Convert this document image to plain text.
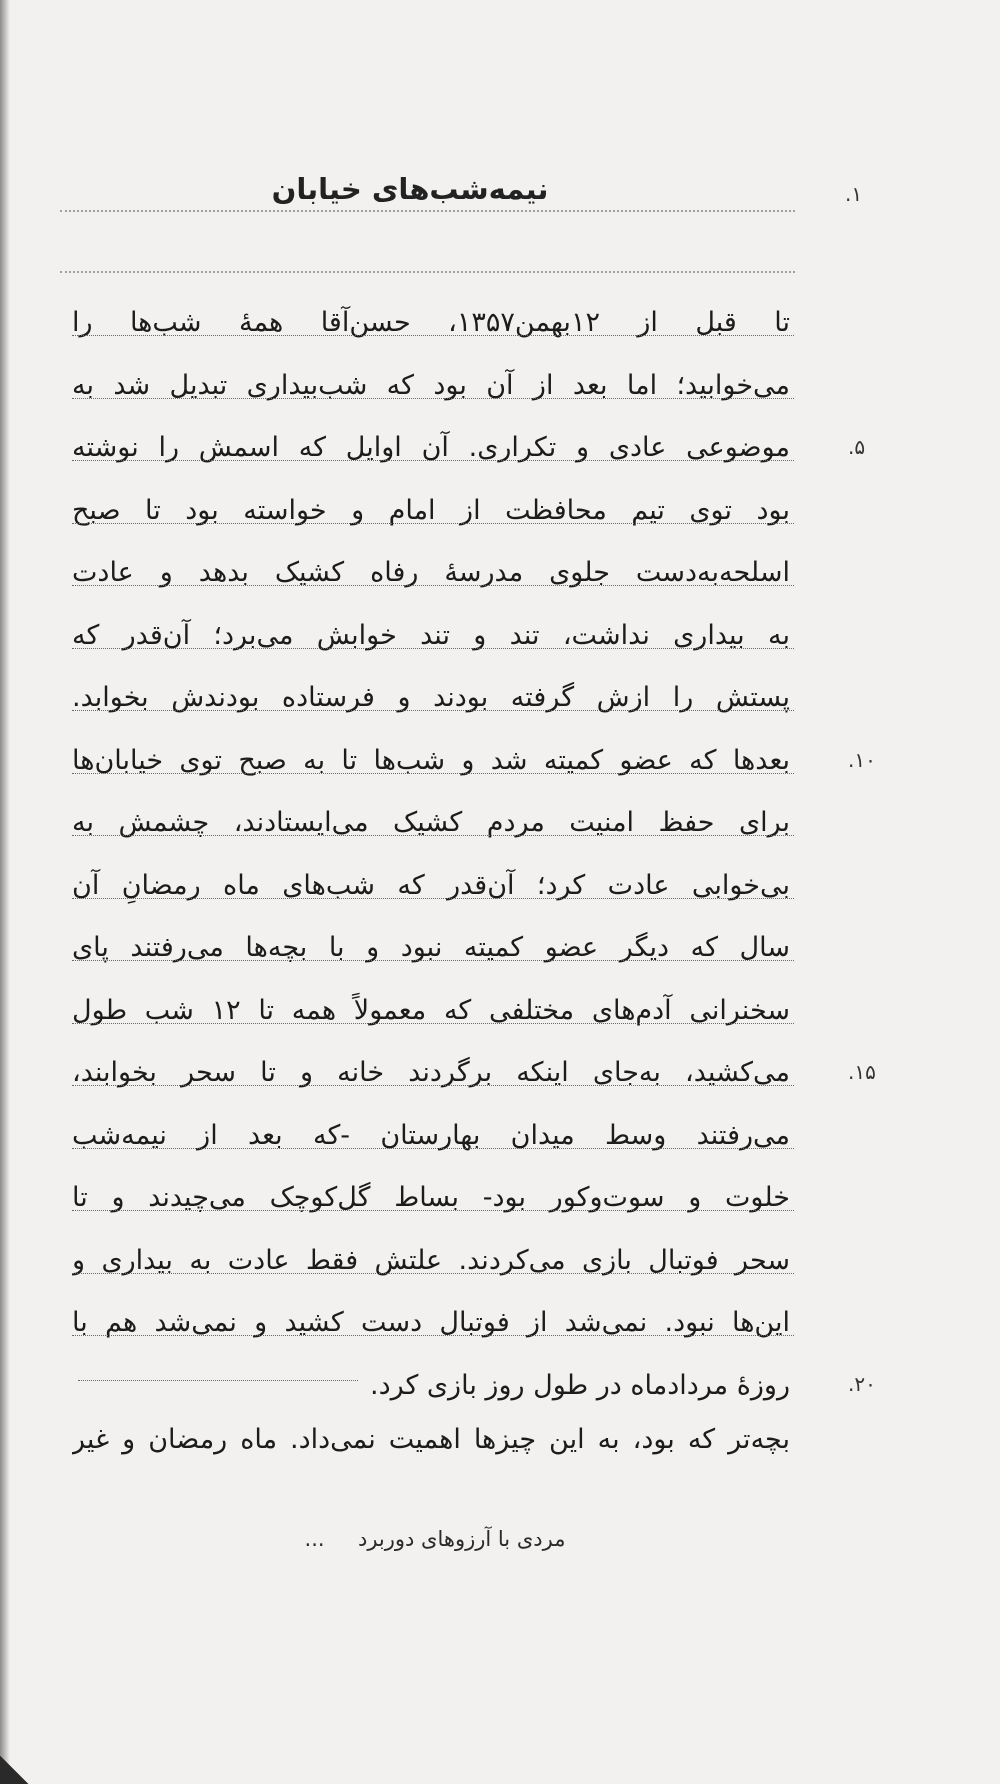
۱.
نیمه‌شب‌های خیابان
۵.
۱۰.
۱۵.
۲۰.
تا قبل از ۱۲بهمن۱۳۵۷، حسن‌آقا همهٔ شب‌ها را
می‌خوابید؛ اما بعد از آن بود که شب‌بیداری تبدیل شد به
موضوعی عادی و تکراری. آن اوایل که اسمش را نوشته
بود توی تیم محافظت از امام و خواسته بود تا صبح
اسلحه‌به‌دست جلوی مدرسهٔ رفاه کشیک بدهد و عادت
به بیداری نداشت، تند و تند خوابش می‌برد؛ آن‌قدر که
پستش را ازش گرفته بودند و فرستاده بودندش بخوابد.
بعدها که عضو کمیته شد و شب‌ها تا به صبح توی خیابان‌ها
برای حفظ امنیت مردم کشیک می‌ایستادند، چشمش به
بی‌خوابی عادت کرد؛ آن‌قدر که شب‌های ماه رمضانِ آن
سال که دیگر عضو کمیته نبود و با بچه‌ها می‌رفتند پای
سخنرانی آدم‌های مختلفی که معمولاً همه تا ۱۲ شب طول
می‌کشید، به‌جای اینکه برگردند خانه و تا سحر بخوابند،
می‌رفتند وسط میدان بهارستان -که بعد از نیمه‌شب
خلوت و سوت‌وکور بود- بساط گل‌کوچک می‌چیدند و تا
سحر فوتبال بازی می‌کردند. علتش فقط عادت به بیداری و
این‌ها نبود. نمی‌شد از فوتبال دست کشید و نمی‌شد هم با
روزهٔ مردادماه در طول روز بازی کرد.
بچه‌تر که بود، به این چیزها اهمیت نمی‌داد. ماه رمضان و غیر
مردی با آرزوهای دوربرد     ...
